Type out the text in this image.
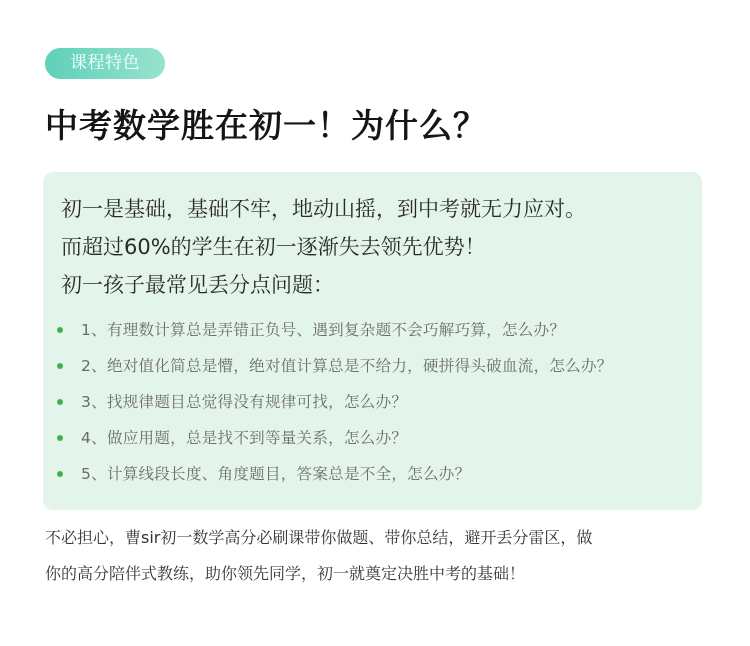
课程特色
中考数学胜在初一！为什么？
初一是基础，基础不牢，地动山摇，到中考就无力应对。
而超过60%的学生在初一逐渐失去领先优势！
初一孩子最常见丢分点问题：
1、有理数计算总是弄错正负号、遇到复杂题不会巧解巧算，怎么办？
2、绝对值化简总是懵，绝对值计算总是不给力，硬拼得头破血流，怎么办？
3、找规律题目总觉得没有规律可找，怎么办？
4、做应用题，总是找不到等量关系，怎么办？
5、计算线段长度、角度题目，答案总是不全，怎么办？
不必担心，曹sir初一数学高分必刷课带你做题、带你总结，避开丢分雷区，做
你的高分陪伴式教练，助你领先同学，初一就奠定决胜中考的基础！
